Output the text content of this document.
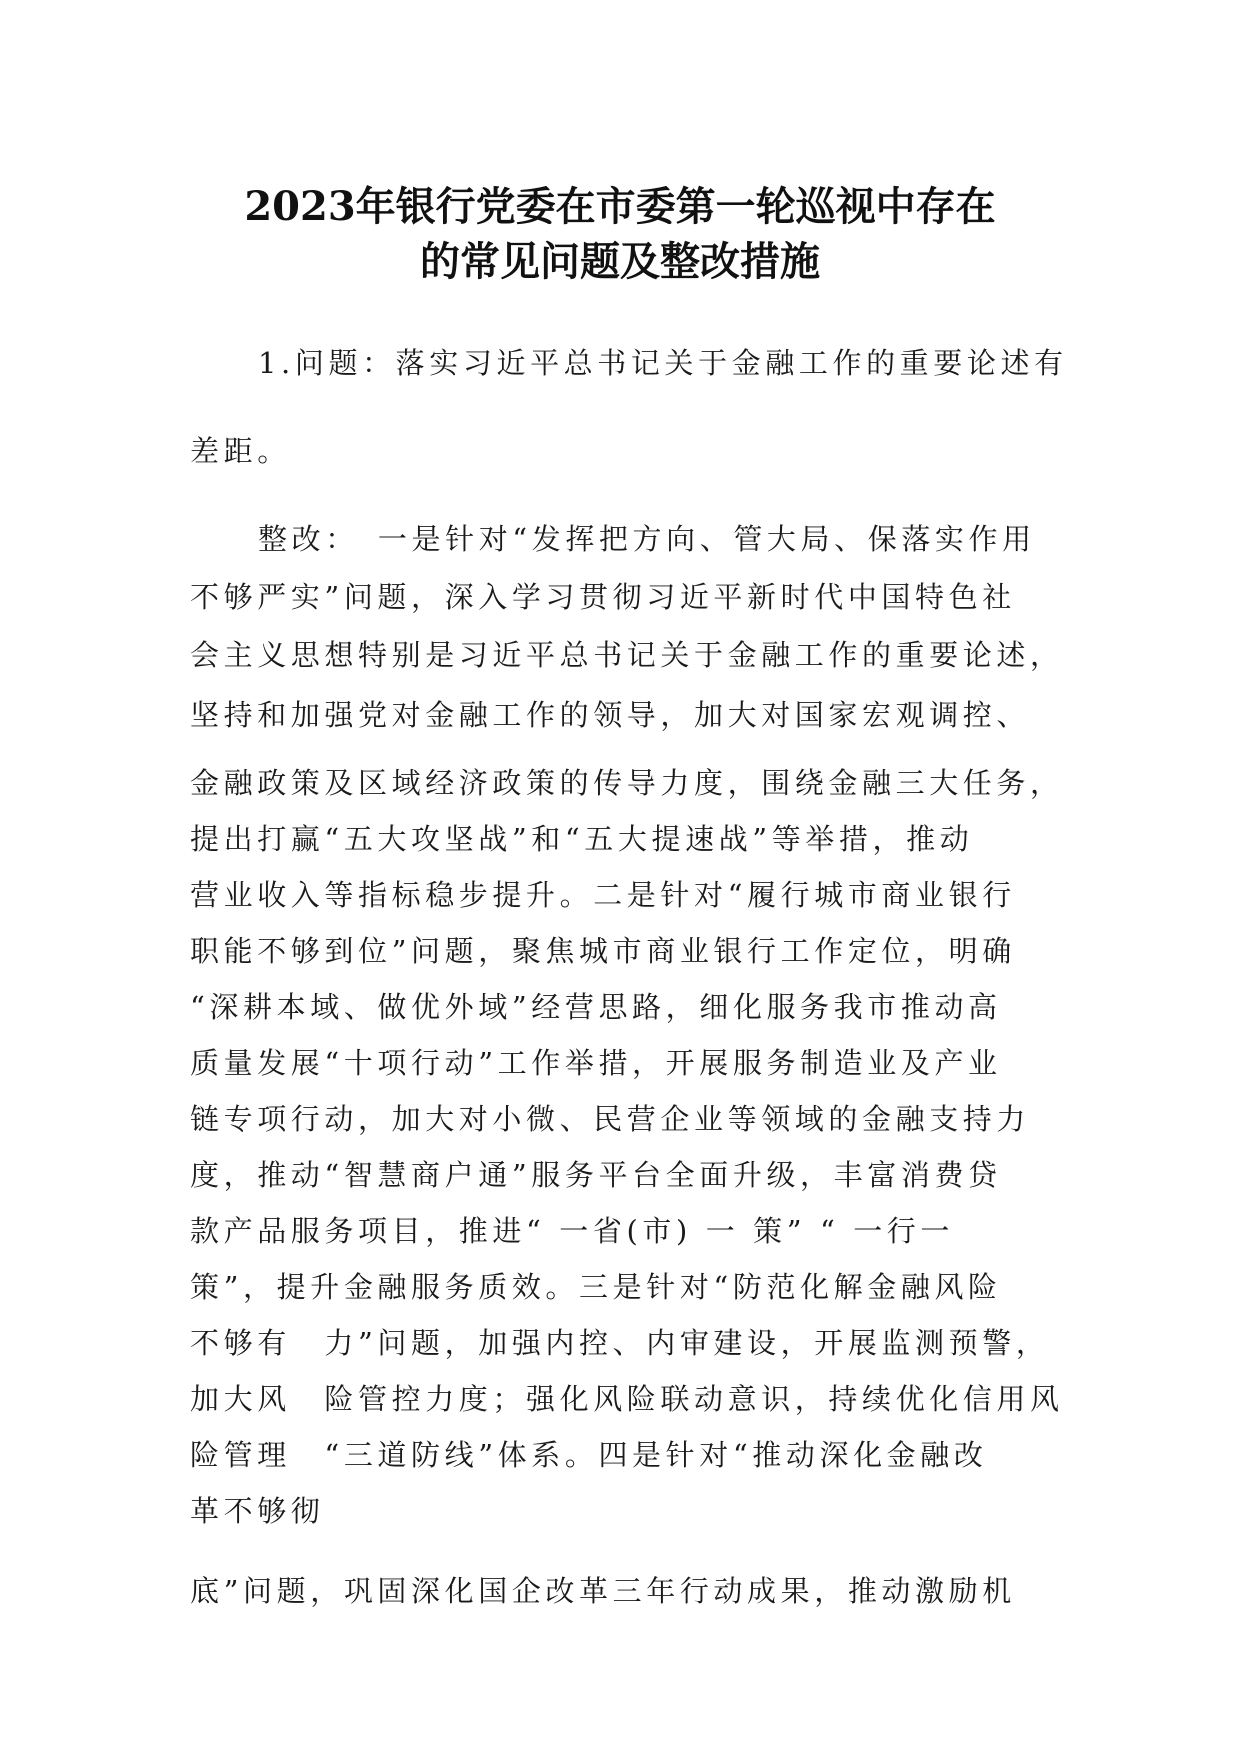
2023年银行党委在市委第一轮巡视中存在
的常见问题及整改措施
1.问题：落实习近平总书记关于金融工作的重要论述有
差距。
整改：　一是针对“发挥把方向、管大局、保落实作用
不够严实”问题，深入学习贯彻习近平新时代中国特色社
会主义思想特别是习近平总书记关于金融工作的重要论述，
坚持和加强党对金融工作的领导，加大对国家宏观调控、
金融政策及区域经济政策的传导力度，围绕金融三大任务，
提出打赢“五大攻坚战”和“五大提速战”等举措，推动
营业收入等指标稳步提升。二是针对“履行城市商业银行
职能不够到位”问题，聚焦城市商业银行工作定位，明确
“深耕本域、做优外域”经营思路，细化服务我市推动高
质量发展“十项行动”工作举措，开展服务制造业及产业
链专项行动，加大对小微、民营企业等领域的金融支持力
度，推动“智慧商户通”服务平台全面升级，丰富消费贷
款产品服务项目，推进“ 一省(市) 一 策” “ 一行一
策”，提升金融服务质效。三是针对“防范化解金融风险
不够有　力”问题，加强内控、内审建设，开展监测预警，
加大风　险管控力度；强化风险联动意识，持续优化信用风
险管理　“三道防线”体系。四是针对“推动深化金融改
革不够彻
底”问题，巩固深化国企改革三年行动成果，推动激励机
